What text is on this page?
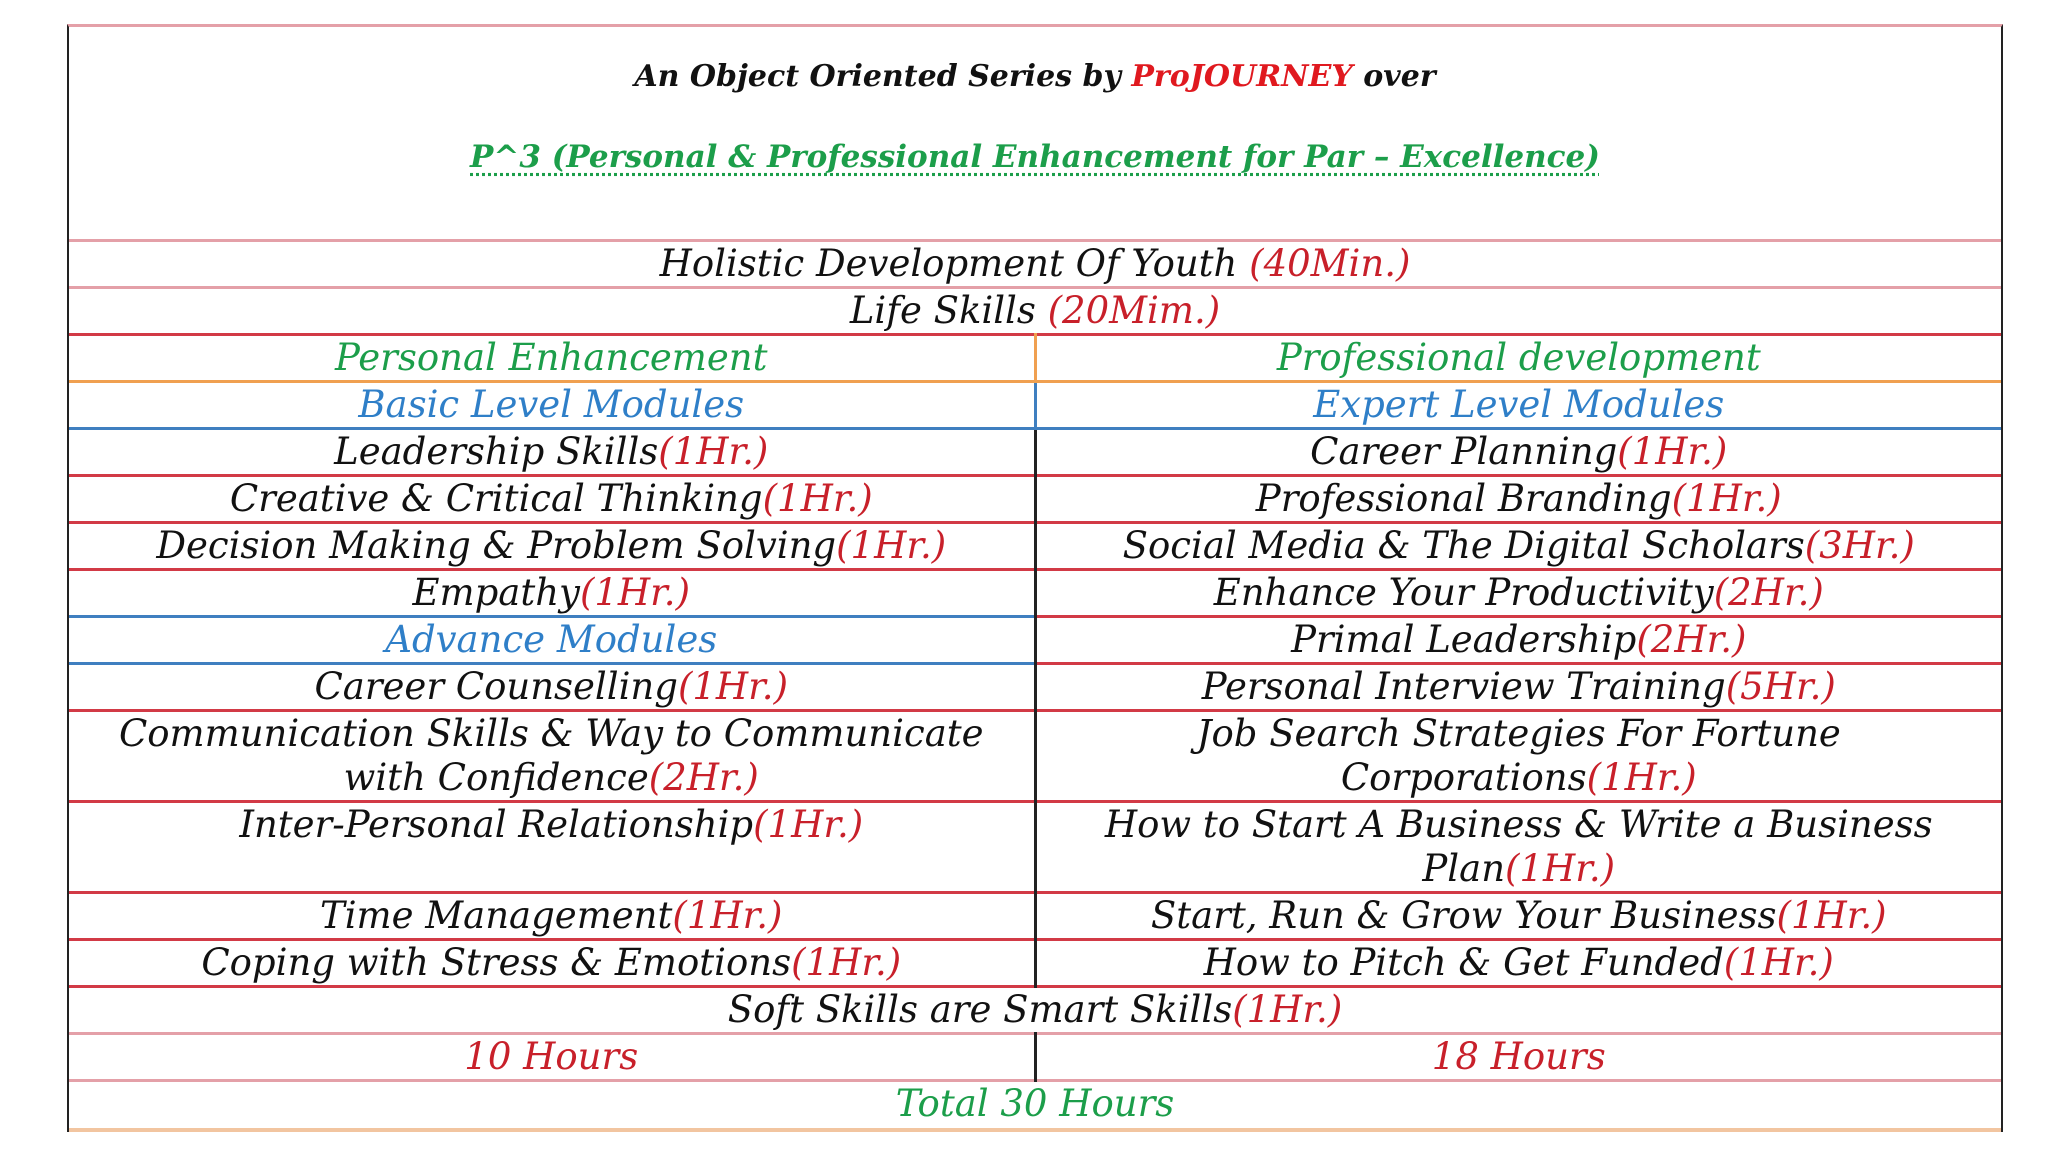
An Object Oriented Series by ProJOURNEY over
P^3 (Personal & Professional Enhancement for Par – Excellence)
Holistic Development Of Youth (40Min.)	
Life Skills (20Mim.)	
Personal Enhancement	Professional development
Basic Level Modules	Expert Level Modules
Leadership Skills(1Hr.)	Career Planning(1Hr.)
Creative & Critical Thinking(1Hr.)	Professional Branding(1Hr.)
Decision Making & Problem Solving(1Hr.)	Social Media & The Digital Scholars(3Hr.)
Empathy(1Hr.)	Enhance Your Productivity(2Hr.)
Advance Modules	Primal Leadership(2Hr.)
Career Counselling(1Hr.)	Personal Interview Training(5Hr.)
Communication Skills & Way to Communicate with Confidence(2Hr.)	Job Search Strategies For Fortune Corporations(1Hr.)
Inter-Personal Relationship(1Hr.)	How to Start A Business & Write a Business Plan(1Hr.)
Time Management(1Hr.)	Start, Run & Grow Your Business(1Hr.)
Coping with Stress & Emotions(1Hr.)	How to Pitch & Get Funded(1Hr.)
Soft Skills are Smart Skills(1Hr.)	
10 Hours	18 Hours
Total 30 Hours	
